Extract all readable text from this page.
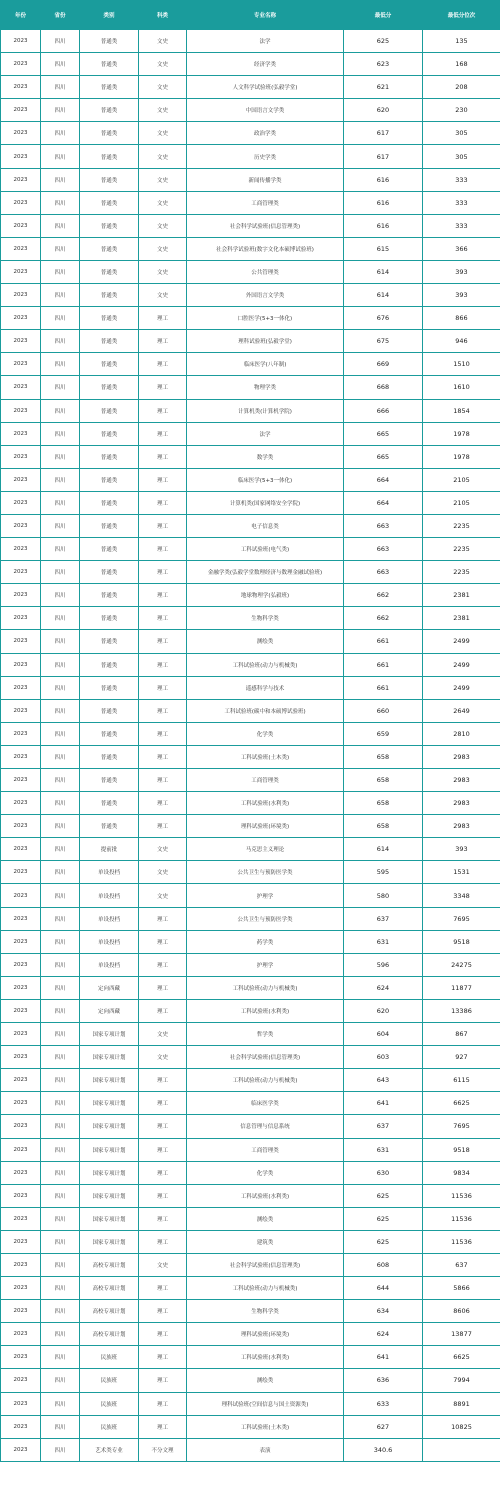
年份	省份	类别	科类	专业名称	最低分	最低分位次
2023	四川	普通类	文史	法学	625	135
2023	四川	普通类	文史	经济学类	623	168
2023	四川	普通类	文史	人文科学试验班(弘毅学堂)	621	208
2023	四川	普通类	文史	中国语言文学类	620	230
2023	四川	普通类	文史	政治学类	617	305
2023	四川	普通类	文史	历史学类	617	305
2023	四川	普通类	文史	新闻传播学类	616	333
2023	四川	普通类	文史	工商管理类	616	333
2023	四川	普通类	文史	社会科学试验班(信息管理类)	616	333
2023	四川	普通类	文史	社会科学试验班(数字文化本硕博试验班)	615	366
2023	四川	普通类	文史	公共管理类	614	393
2023	四川	普通类	文史	外国语言文学类	614	393
2023	四川	普通类	理工	口腔医学(5+3一体化)	676	866
2023	四川	普通类	理工	理科试验班(弘毅学堂)	675	946
2023	四川	普通类	理工	临床医学(八年制)	669	1510
2023	四川	普通类	理工	物理学类	668	1610
2023	四川	普通类	理工	计算机类(计算机学院)	666	1854
2023	四川	普通类	理工	法学	665	1978
2023	四川	普通类	理工	数学类	665	1978
2023	四川	普通类	理工	临床医学(5+3一体化)	664	2105
2023	四川	普通类	理工	计算机类(国家网络安全学院)	664	2105
2023	四川	普通类	理工	电子信息类	663	2235
2023	四川	普通类	理工	工科试验班(电气类)	663	2235
2023	四川	普通类	理工	金融学类(弘毅学堂数理经济与数理金融试验班)	663	2235
2023	四川	普通类	理工	地球物理学(弘毅班)	662	2381
2023	四川	普通类	理工	生物科学类	662	2381
2023	四川	普通类	理工	测绘类	661	2499
2023	四川	普通类	理工	工科试验班(动力与机械类)	661	2499
2023	四川	普通类	理工	遥感科学与技术	661	2499
2023	四川	普通类	理工	工科试验班(碳中和本硕博试验班)	660	2649
2023	四川	普通类	理工	化学类	659	2810
2023	四川	普通类	理工	工科试验班(土木类)	658	2983
2023	四川	普通类	理工	工商管理类	658	2983
2023	四川	普通类	理工	工科试验班(水利类)	658	2983
2023	四川	普通类	理工	理科试验班(环境类)	658	2983
2023	四川	提前批	文史	马克思主义理论	614	393
2023	四川	单设投档	文史	公共卫生与预防医学类	595	1531
2023	四川	单设投档	文史	护理学	580	3348
2023	四川	单设投档	理工	公共卫生与预防医学类	637	7695
2023	四川	单设投档	理工	药学类	631	9518
2023	四川	单设投档	理工	护理学	596	24275
2023	四川	定向西藏	理工	工科试验班(动力与机械类)	624	11877
2023	四川	定向西藏	理工	工科试验班(水利类)	620	13386
2023	四川	国家专项计划	文史	哲学类	604	867
2023	四川	国家专项计划	文史	社会科学试验班(信息管理类)	603	927
2023	四川	国家专项计划	理工	工科试验班(动力与机械类)	643	6115
2023	四川	国家专项计划	理工	临床医学类	641	6625
2023	四川	国家专项计划	理工	信息管理与信息系统	637	7695
2023	四川	国家专项计划	理工	工商管理类	631	9518
2023	四川	国家专项计划	理工	化学类	630	9834
2023	四川	国家专项计划	理工	工科试验班(水利类)	625	11536
2023	四川	国家专项计划	理工	测绘类	625	11536
2023	四川	国家专项计划	理工	建筑类	625	11536
2023	四川	高校专项计划	文史	社会科学试验班(信息管理类)	608	637
2023	四川	高校专项计划	理工	工科试验班(动力与机械类)	644	5866
2023	四川	高校专项计划	理工	生物科学类	634	8606
2023	四川	高校专项计划	理工	理科试验班(环境类)	624	13877
2023	四川	民族班	理工	工科试验班(水利类)	641	6625
2023	四川	民族班	理工	测绘类	636	7994
2023	四川	民族班	理工	理科试验班(空间信息与国土资源类)	633	8891
2023	四川	民族班	理工	工科试验班(土木类)	627	10825
2023	四川	艺术类专业	不分文理	表演	340.6	
